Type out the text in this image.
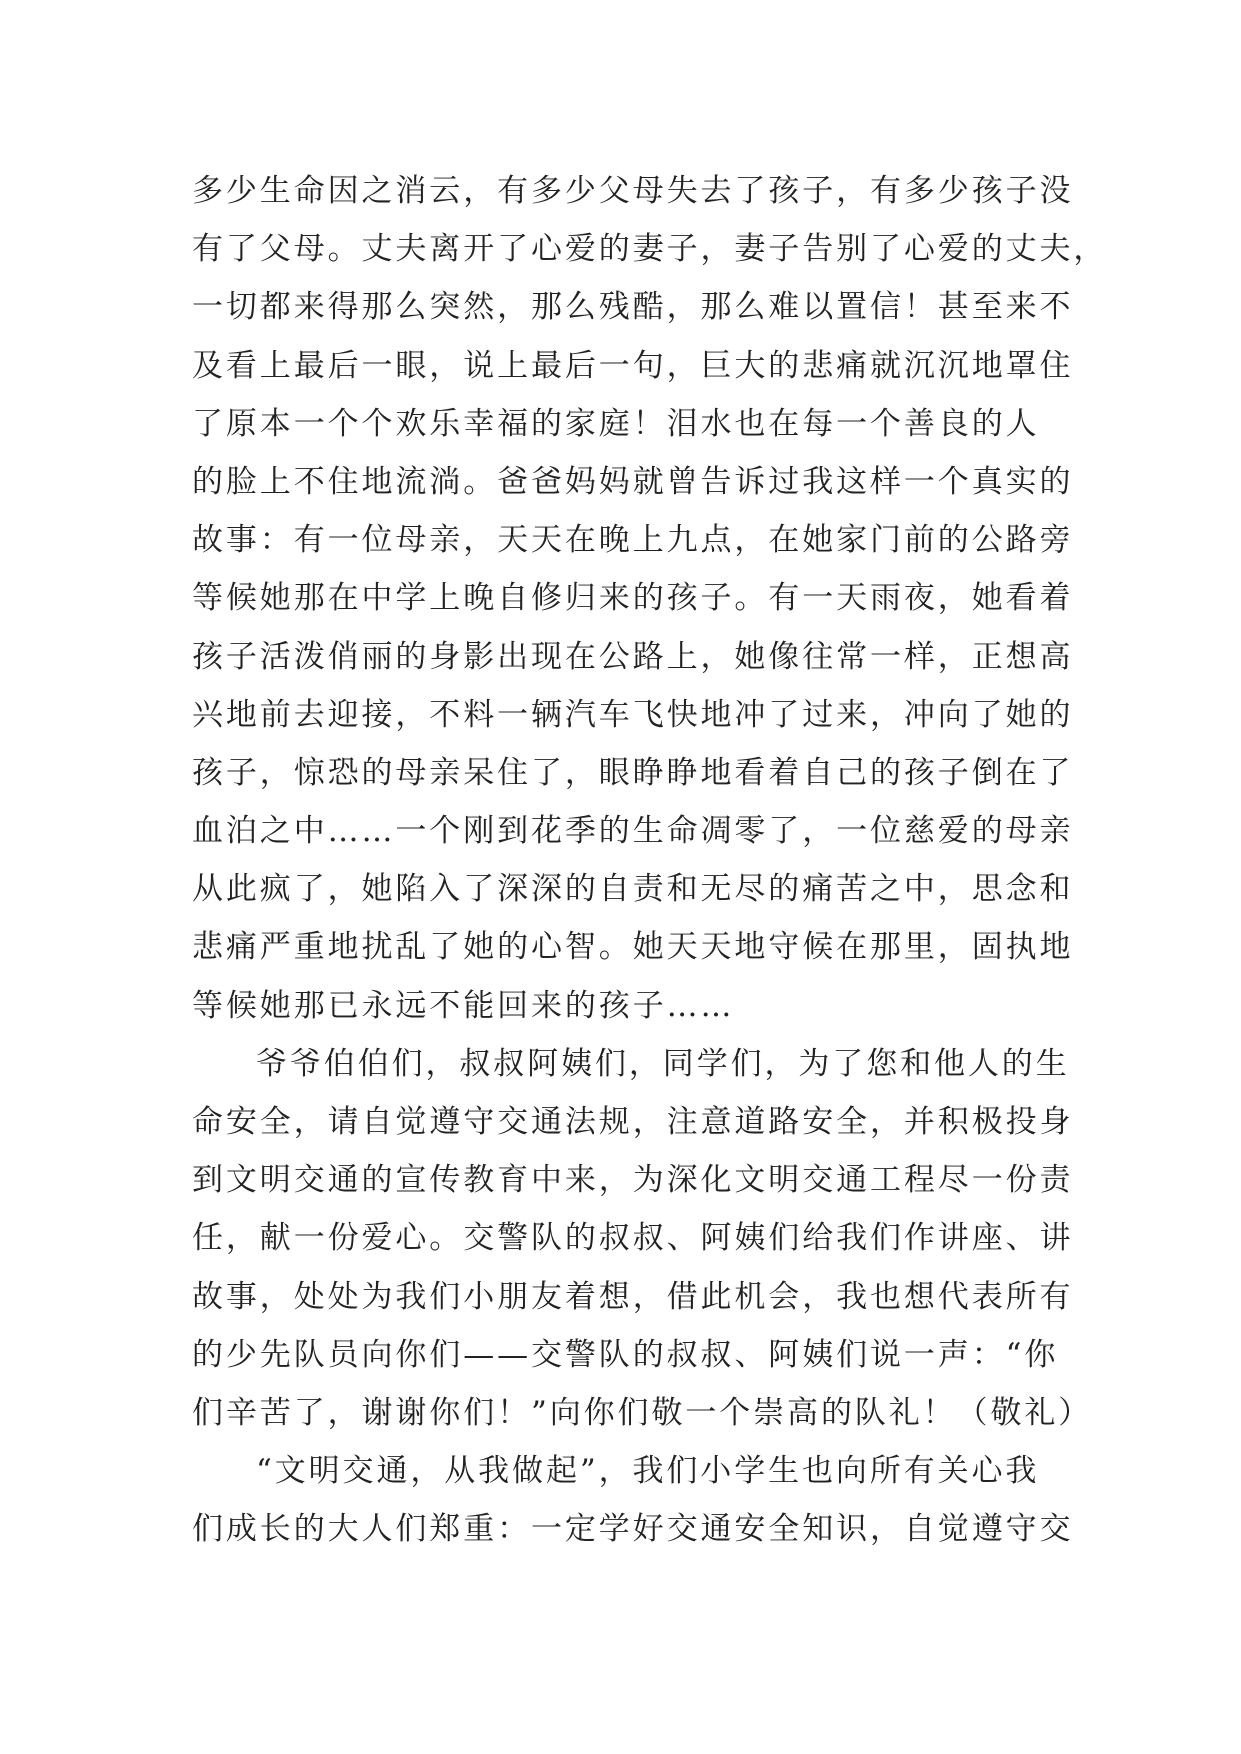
多少生命因之消云，有多少父母失去了孩子，有多少孩子没
有了父母。丈夫离开了心爱的妻子，妻子告别了心爱的丈夫，
一切都来得那么突然，那么残酷，那么难以置信！甚至来不
及看上最后一眼，说上最后一句，巨大的悲痛就沉沉地罩住
了原本一个个欢乐幸福的家庭！泪水也在每一个善良的人
的脸上不住地流淌。爸爸妈妈就曾告诉过我这样一个真实的
故事：有一位母亲，天天在晚上九点，在她家门前的公路旁
等候她那在中学上晚自修归来的孩子。有一天雨夜，她看着
孩子活泼俏丽的身影出现在公路上，她像往常一样，正想高
兴地前去迎接，不料一辆汽车飞快地冲了过来，冲向了她的
孩子，惊恐的母亲呆住了，眼睁睁地看着自己的孩子倒在了
血泊之中……一个刚到花季的生命凋零了，一位慈爱的母亲
从此疯了，她陷入了深深的自责和无尽的痛苦之中，思念和
悲痛严重地扰乱了她的心智。她天天地守候在那里，固执地
等候她那已永远不能回来的孩子……
爷爷伯伯们，叔叔阿姨们，同学们，为了您和他人的生
命安全，请自觉遵守交通法规，注意道路安全，并积极投身
到文明交通的宣传教育中来，为深化文明交通工程尽一份责
任，献一份爱心。交警队的叔叔、阿姨们给我们作讲座、讲
故事，处处为我们小朋友着想，借此机会，我也想代表所有
的少先队员向你们——交警队的叔叔、阿姨们说一声：“你
们辛苦了，谢谢你们！”向你们敬一个崇高的队礼！（敬礼）
“文明交通，从我做起”，我们小学生也向所有关心我
们成长的大人们郑重：一定学好交通安全知识，自觉遵守交
